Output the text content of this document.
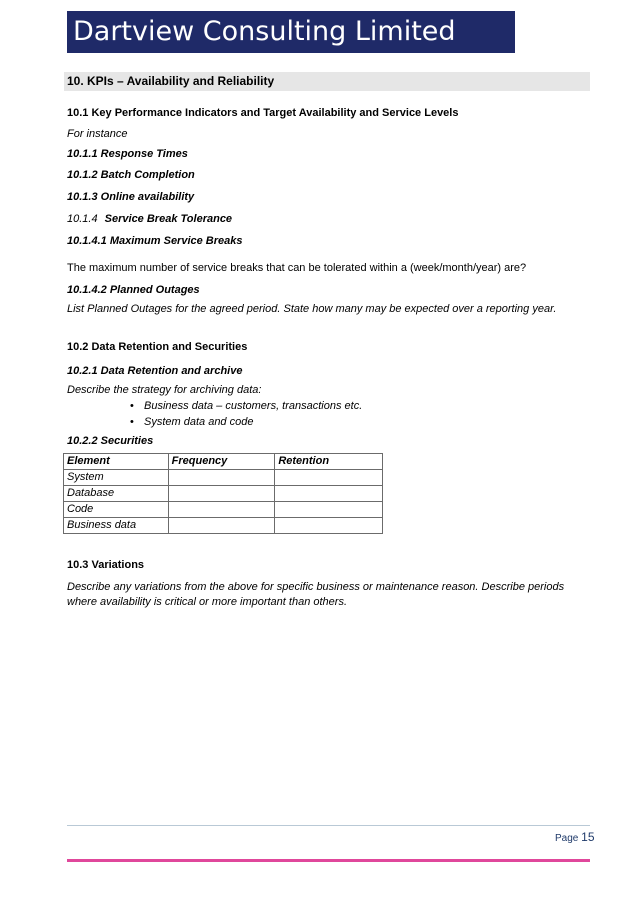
Dartview Consulting Limited
10. KPIs – Availability and Reliability
10.1 Key Performance Indicators and Target Availability and Service Levels
For instance
10.1.1 Response Times
10.1.2 Batch Completion
10.1.3 Online availability
10.1.4 Service Break Tolerance
10.1.4.1 Maximum Service Breaks
The maximum number of service breaks that can be tolerated within a (week/month/year) are?
10.1.4.2 Planned Outages
List Planned Outages for the agreed period. State how many may be expected over a reporting year.
10.2 Data Retention and Securities
10.2.1 Data Retention and archive
Describe the strategy for archiving data:
• Business data – customers, transactions etc.
• System data and code
10.2.2 Securities
Element	Frequency	Retention
System		
Database		
Code		
Business data		
10.3 Variations
Describe any variations from the above for specific business or maintenance reason. Describe periods where availability is critical or more important than others.
Page 15
